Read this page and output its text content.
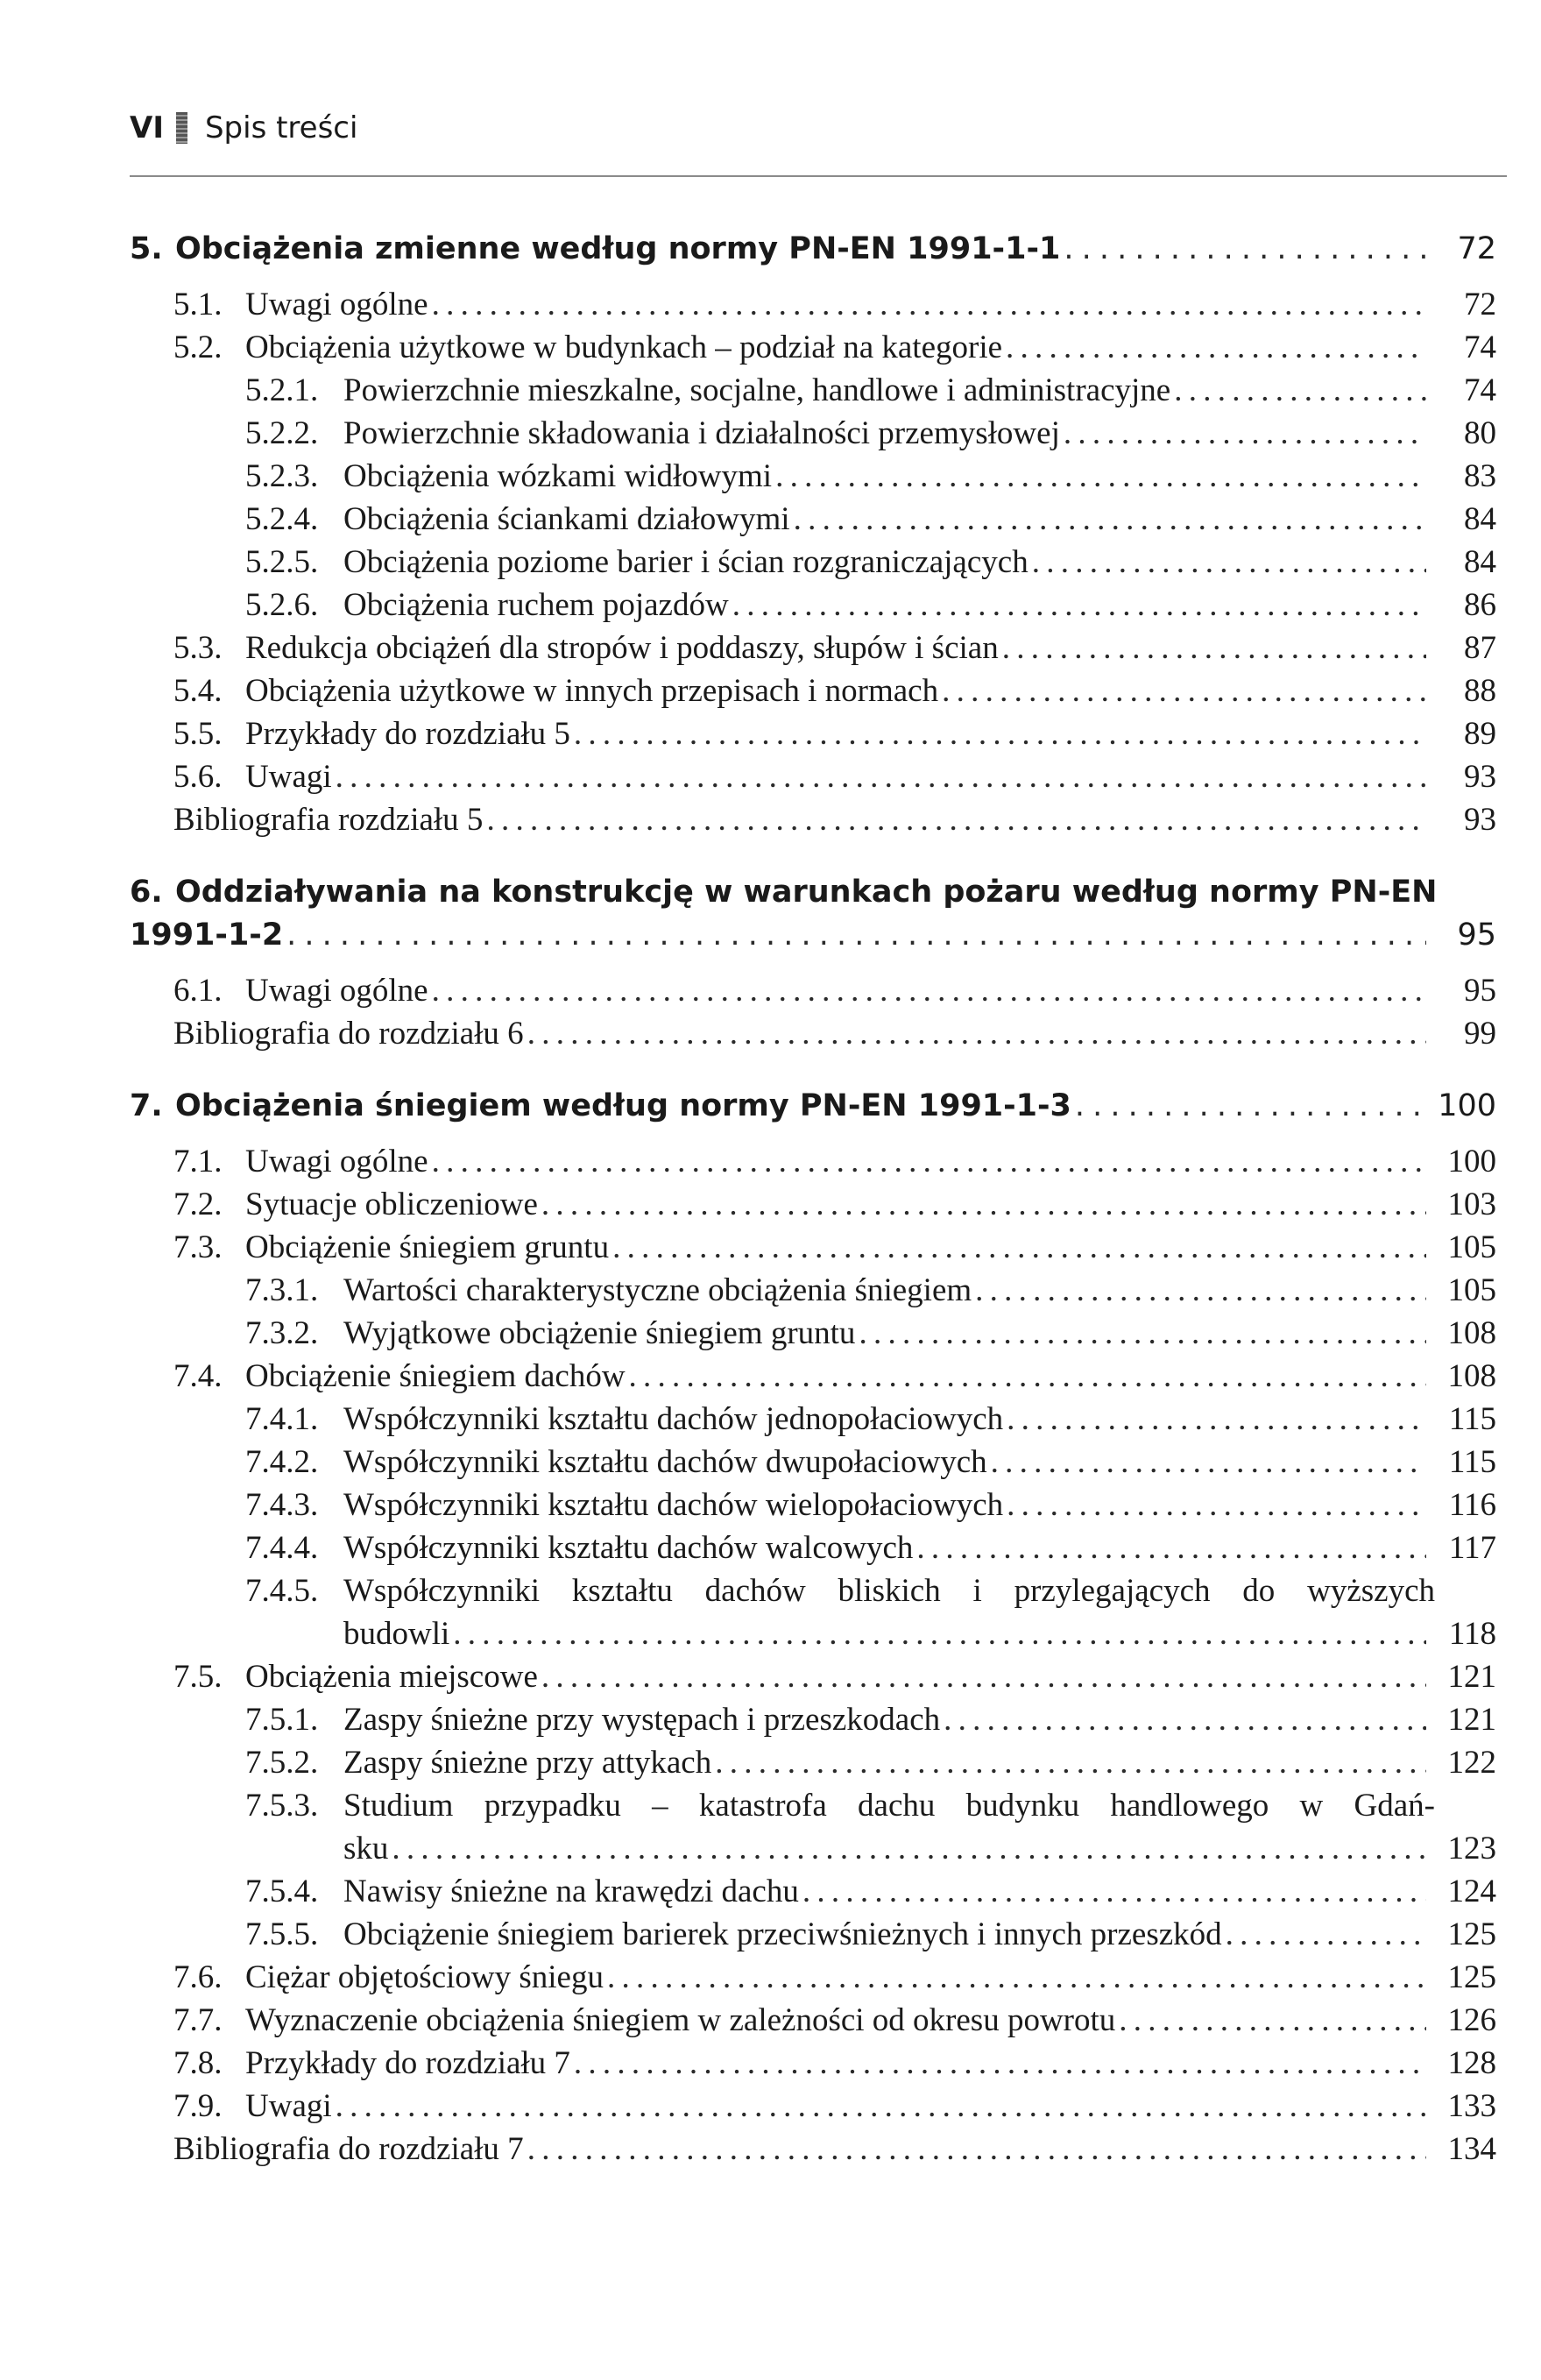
VI Spis treści
5. Obciążenia zmienne według normy PN-EN 1991-1-1 . . .	72
5.1. Uwagi ogólne . . .	72
5.2. Obciążenia użytkowe w budynkach – podział na kategorie . . .	74
5.2.1. Powierzchnie mieszkalne, socjalne, handlowe i administracyjne . . .	74
5.2.2. Powierzchnie składowania i działalności przemysłowej . . .	80
5.2.3. Obciążenia wózkami widłowymi . . .	83
5.2.4. Obciążenia ściankami działowymi . . .	84
5.2.5. Obciążenia poziome barier i ścian rozgraniczających . . .	84
5.2.6. Obciążenia ruchem pojazdów . . .	86
5.3. Redukcja obciążeń dla stropów i poddaszy, słupów i ścian . . .	87
5.4. Obciążenia użytkowe w innych przepisach i normach . . .	88
5.5. Przykłady do rozdziału 5 . . .	89
5.6. Uwagi . . .	93
Bibliografia rozdziału 5 . . .	93
6. Oddziaływania na konstrukcję w warunkach pożaru według normy PN-EN
1991-1-2 . . .	95
6.1. Uwagi ogólne . . .	95
Bibliografia do rozdziału 6 . . .	99
7. Obciążenia śniegiem według normy PN-EN 1991-1-3 . . .	100
7.1. Uwagi ogólne . . .	100
7.2. Sytuacje obliczeniowe . . .	103
7.3. Obciążenie śniegiem gruntu . . .	105
7.3.1. Wartości charakterystyczne obciążenia śniegiem . . .	105
7.3.2. Wyjątkowe obciążenie śniegiem gruntu . . .	108
7.4. Obciążenie śniegiem dachów . . .	108
7.4.1. Współczynniki kształtu dachów jednopołaciowych . . .	115
7.4.2. Współczynniki kształtu dachów dwupołaciowych . . .	115
7.4.3. Współczynniki kształtu dachów wielopołaciowych . . .	116
7.4.4. Współczynniki kształtu dachów walcowych . . .	117
7.4.5. Współczynniki kształtu dachów bliskich i przylegających do wyższych
budowli . . .	118
7.5. Obciążenia miejscowe . . .	121
7.5.1. Zaspy śnieżne przy występach i przeszkodach . . .	121
7.5.2. Zaspy śnieżne przy attykach . . .	122
7.5.3. Studium przypadku – katastrofa dachu budynku handlowego w Gdań-
sku . . .	123
7.5.4. Nawisy śnieżne na krawędzi dachu . . .	124
7.5.5. Obciążenie śniegiem barierek przeciwśnieżnych i innych przeszkód . . .	125
7.6. Ciężar objętościowy śniegu . . .	125
7.7. Wyznaczenie obciążenia śniegiem w zależności od okresu powrotu . . .	126
7.8. Przykłady do rozdziału 7 . . .	128
7.9. Uwagi . . .	133
Bibliografia do rozdziału 7 . . .	134
